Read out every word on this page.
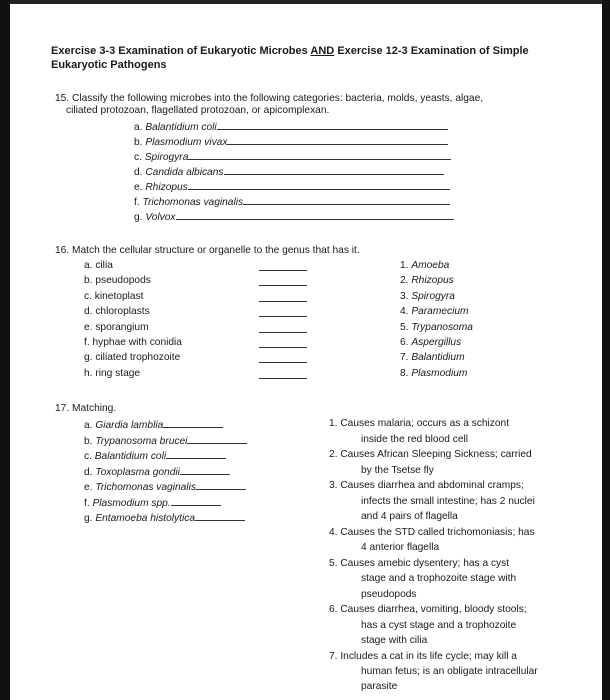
Exercise 3-3 Examination of Eukaryotic Microbes AND Exercise 12-3 Examination of Simple
Eukaryotic Pathogens
15. Classify the following microbes into the following categories: bacteria, molds, yeasts, algae,
ciliated protozoan, flagellated protozoan, or apicomplexan.
a. Balantidium coli
b. Plasmodium vivax
c. Spirogyra
d. Candida albicans
e. Rhizopus
f. Trichomonas vaginalis
g. Volvox
16. Match the cellular structure or organelle to the genus that has it.
a. cilia
b. pseudopods
c. kinetoplast
d. chloroplasts
e. sporangium
f. hyphae with conidia
g. ciliated trophozoite
h. ring stage
1. Amoeba
2. Rhizopus
3. Spirogyra
4. Paramecium
5. Trypanosoma
6. Aspergillus
7. Balantidium
8. Plasmodium
17. Matching.
a. Giardia lamblia
b. Trypanosoma brucei
c. Balantidium coli
d. Toxoplasma gondii
e. Trichomonas vaginalis
f. Plasmodium spp.
g. Entamoeba histolytica
1. Causes malaria; occurs as a schizont
inside the red blood cell
2. Causes African Sleeping Sickness; carried
by the Tsetse fly
3. Causes diarrhea and abdominal cramps;
infects the small intestine; has 2 nuclei
and 4 pairs of flagella
4. Causes the STD called trichomoniasis; has
4 anterior flagella
5. Causes amebic dysentery; has a cyst
stage and a trophozoite stage with
pseudopods
6. Causes diarrhea, vomiting, bloody stools;
has a cyst stage and a trophozoite
stage with cilia
7. Includes a cat in its life cycle; may kill a
human fetus; is an obligate intracellular
parasite
